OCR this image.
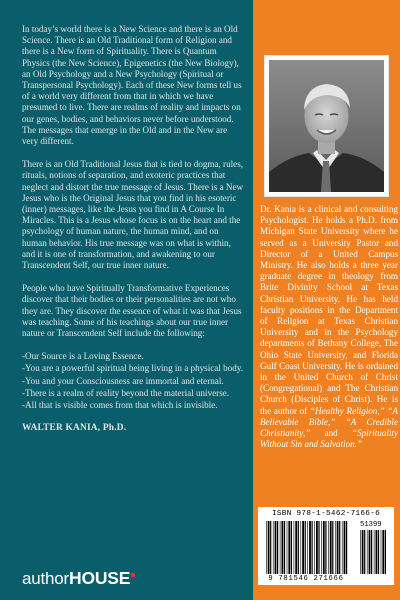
In today’s world there is a New Science and there is an Old Science. There is an Old Traditional form of Religion and there is a New form of Spirituality. There is Quantum Physics (the New Science), Epigenetics (the New Biology), an Old Psychology and a New Psychology (Spiritual or Transpersonal Psychology). Each of these New forms tell us of a world very different from that in which we have presumed to live. There are realms of reality and impacts on our genes, bodies, and behaviors never before understood. The messages that emerge in the Old and in the New are very different.

There is an Old Traditional Jesus that is tied to dogma, rules, rituals, notions of separation, and exoteric practices that neglect and distort the true message of Jesus. There is a New Jesus who is the Original Jesus that you find in his esoteric (inner) messages, like the Jesus you find in A Course In Miracles. This is a Jesus whose focus is on the heart and the psychology of human nature, the human mind, and on human behavior. His true message was on what is within, and it is one of transformation, and awakening to our Transcendent Self, our true inner nature.

People who have Spiritually Transformative Experiences discover that their bodies or their personalities are not who they are. They discover the essence of what it was that Jesus was teaching. Some of his teachings about our true inner nature or Transcendent Self include the following:

-Our Source is a Loving Essence.
-You are a powerful spiritual being living in a physical body.
-You and your Consciousness are immortal and eternal.
-There is a realm of reality beyond the material universe.
-All that is visible comes from that which is invisible.
WALTER KANIA, Ph.D.
authorHOUSE
Dr. Kania is a clinical and consulting Psychologist. He holds a Ph.D. from Michigan State University where he served as a University Pastor and Director of a United Campus Ministry. He also holds a three year graduate degree in theology from Brite Divinity School at Texas Christian University. He has held faculty positions in the Department of Religion at Texas Christian University and in the Psychology departments of Bethany College, The Ohio State University, and Florida Gulf Coast University. He is ordained in the United Church of Christ (Congregational) and The Christian Church (Disciples of Christ). He is the author of “Healthy Religion,” “A Believable Bible,” “A Credible Christianity,” and “Spirituality Without Sin and Salvation.”
ISBN 978-1-5462-7166-6
51399
9 781546 271666
